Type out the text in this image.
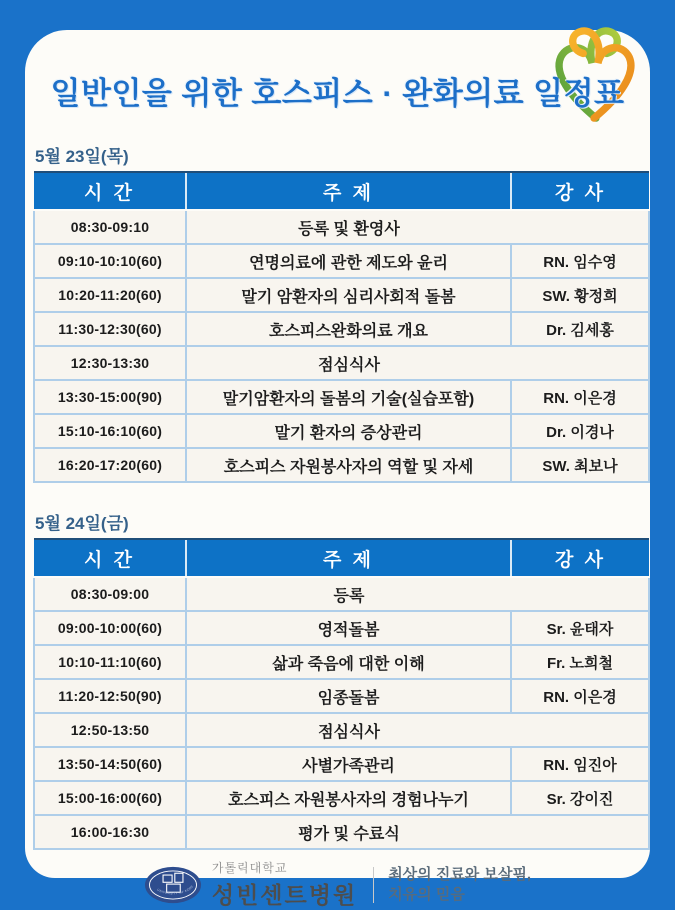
일반인을 위한 호스피스 · 완화의료 일정표
5월 23일(목)
시 간	주 제	강 사
08:30-09:10	등록 및 환영사	
09:10-10:10(60)	연명의료에 관한 제도와 윤리	RN. 임수영
10:20-11:20(60)	말기 암환자의 심리사회적 돌봄	SW. 황정희
11:30-12:30(60)	호스피스완화의료 개요	Dr. 김세홍
12:30-13:30	점심식사	
13:30-15:00(90)	말기암환자의 돌봄의 기술(실습포함)	RN. 이은경
15:10-16:10(60)	말기 환자의 증상관리	Dr. 이경나
16:20-17:20(60)	호스피스 자원봉사자의 역할 및 자세	SW. 최보나
5월 24일(금)
시 간	주 제	강 사
08:30-09:00	등록	
09:00-10:00(60)	영적돌봄	Sr. 윤태자
10:10-11:10(60)	삶과 죽음에 대한 이해	Fr. 노희철
11:20-12:50(90)	임종돌봄	RN. 이은경
12:50-13:50	점심식사	
13:50-14:50(60)	사별가족관리	RN. 임진아
15:00-16:00(60)	호스피스 자원봉사자의 경험나누기	Sr. 강이진
16:00-16:30	평가 및 수료식	
UNIVERSITY OF KORE
가톨릭대학교
성빈센트병원
최상의 진료와 보살핌,
치유의 믿음
